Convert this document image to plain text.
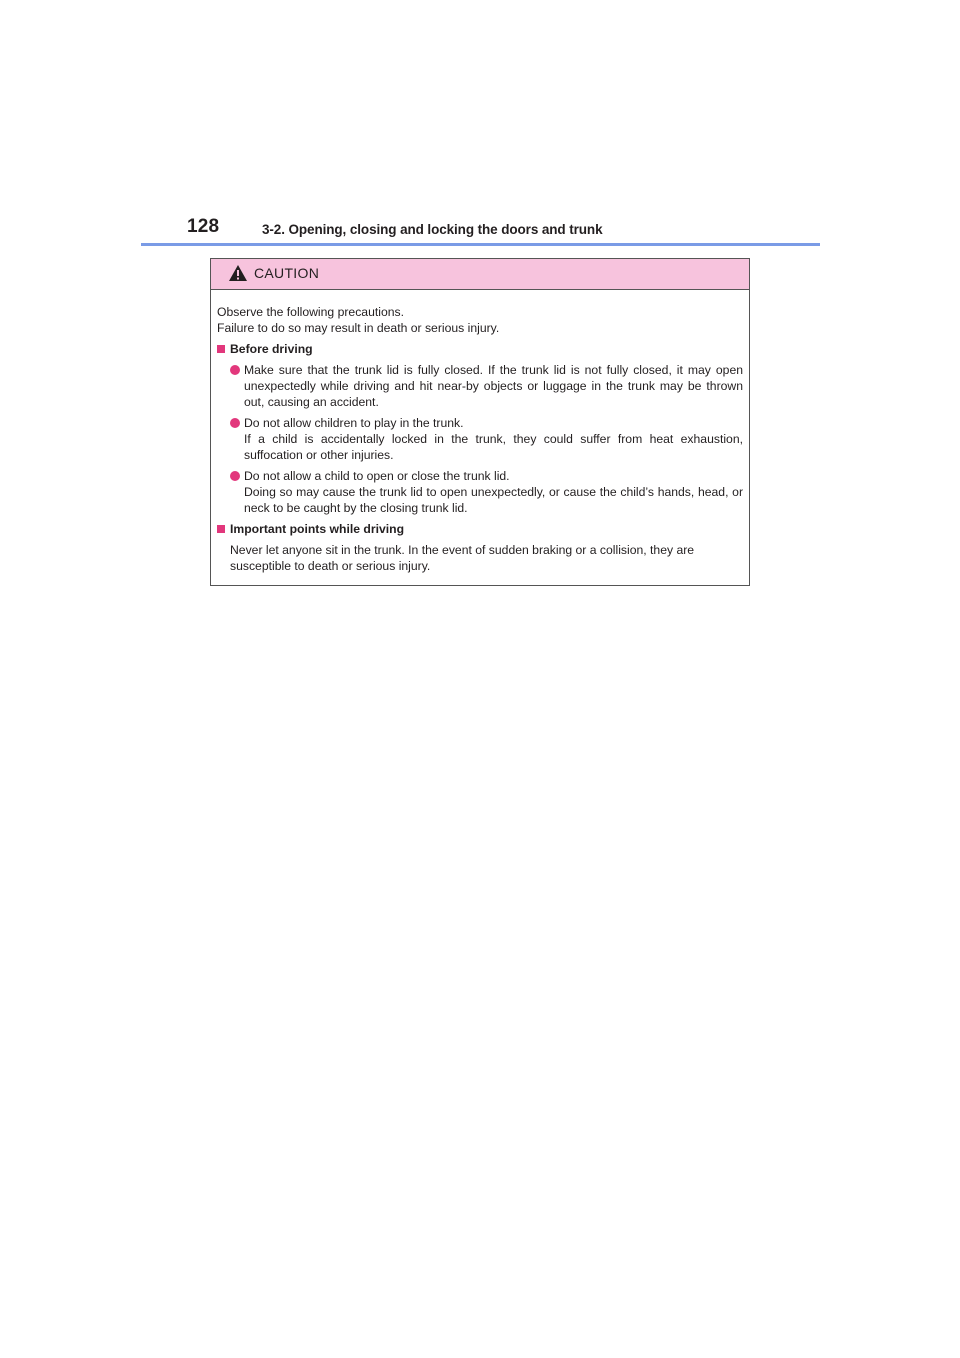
128	3-2. Opening, closing and locking the doors and trunk
CAUTION

Observe the following precautions.
Failure to do so may result in death or serious injury.

Before driving

Make sure that the trunk lid is fully closed. If the trunk lid is not fully closed, it may open unexpectedly while driving and hit near-by objects or luggage in the trunk may be thrown out, causing an accident.

Do not allow children to play in the trunk.
If a child is accidentally locked in the trunk, they could suffer from heat exhaustion, suffocation or other injuries.

Do not allow a child to open or close the trunk lid.
Doing so may cause the trunk lid to open unexpectedly, or cause the child’s hands, head, or neck to be caught by the closing trunk lid.

Important points while driving

Never let anyone sit in the trunk. In the event of sudden braking or a collision, they are susceptible to death or serious injury.
